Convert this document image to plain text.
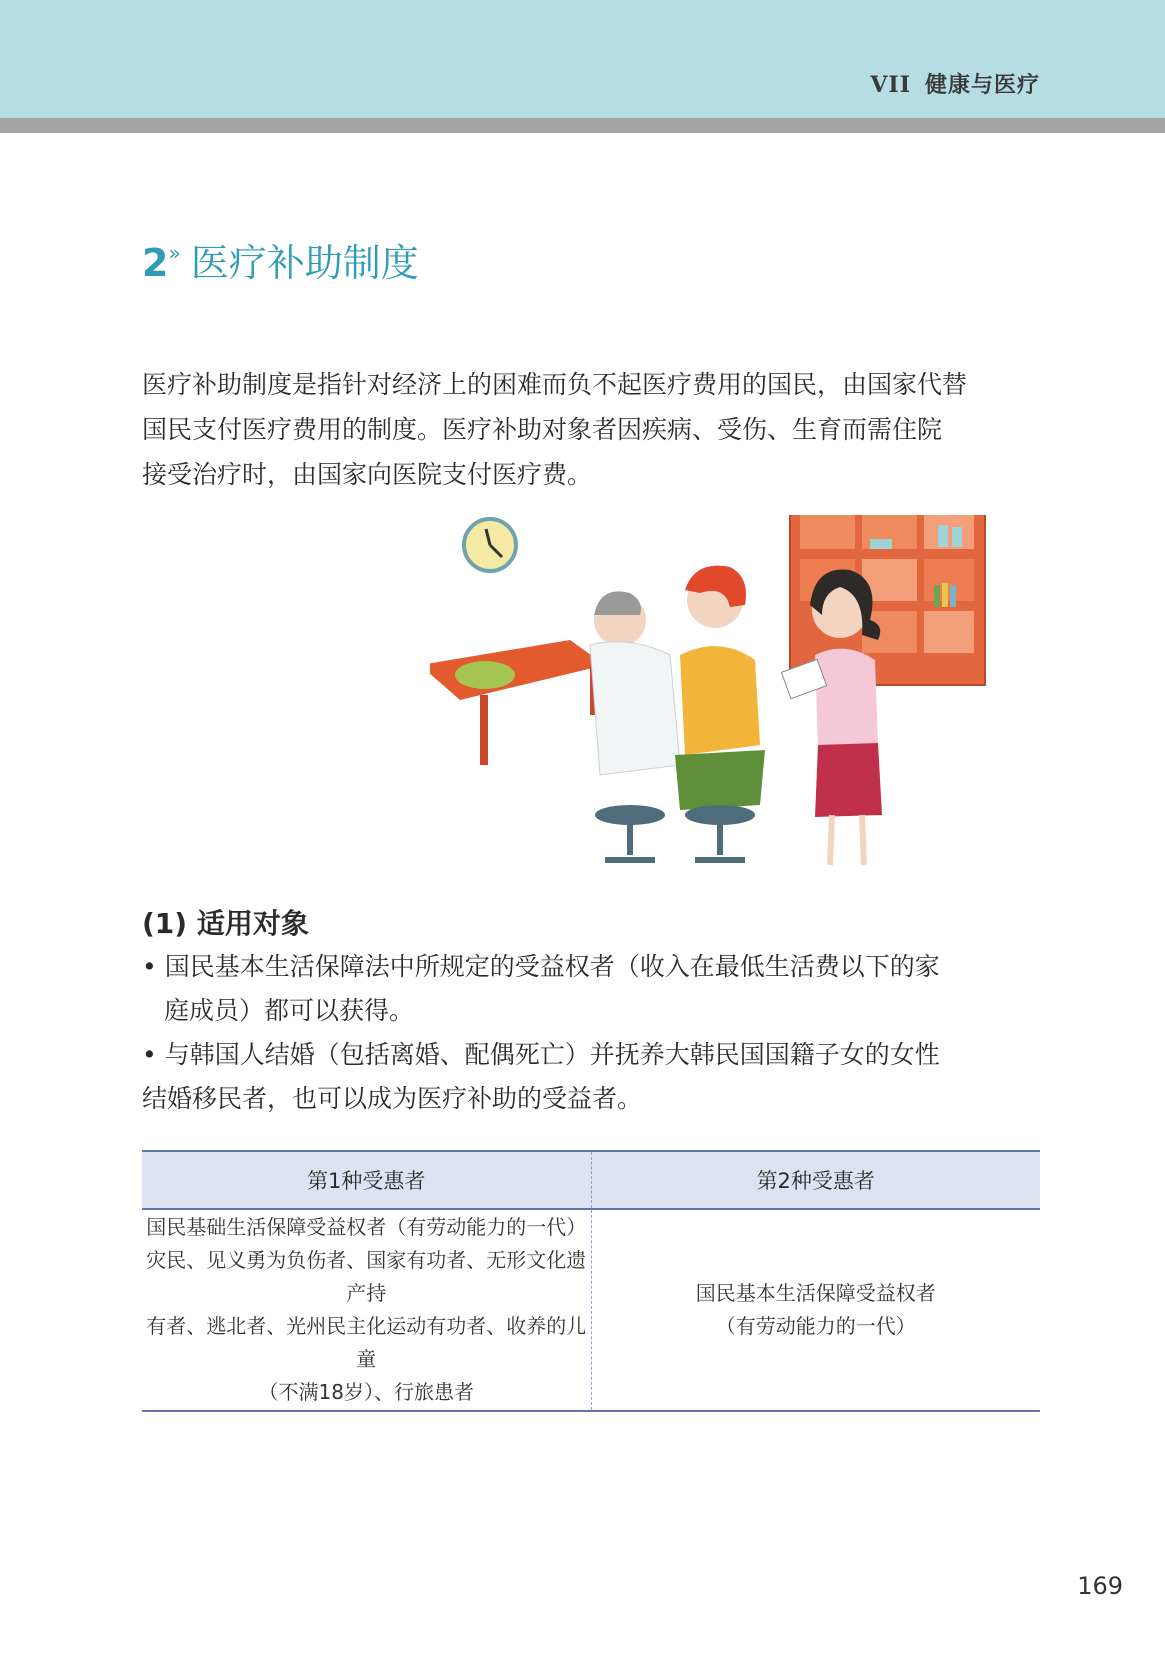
VII 健康与医疗
2» 医疗补助制度

医疗补助制度是指针对经济上的困难而负不起医疗费用的国民，由国家代替
国民支付医疗费用的制度。医疗补助对象者因疾病、受伤、生育而需住院
接受治疗时，由国家向医院支付医疗费。

(1) 适用对象
• 国民基本生活保障法中所规定的受益权者（收入在最低生活费以下的家
庭成员）都可以获得。
• 与韩国人结婚（包括离婚、配偶死亡）并抚养大韩民国国籍子女的女性
结婚移民者，也可以成为医疗补助的受益者。
第1种受惠者	第2种受惠者

国民基础生活保障受益权者（有劳动能力的一代）
灾民、见义勇为负伤者、国家有功者、无形文化遗产持
有者、逃北者、光州民主化运动有功者、收养的儿童
（不满18岁）、行旅患者	国民基本生活保障受益权者
（有劳动能力的一代）
169
